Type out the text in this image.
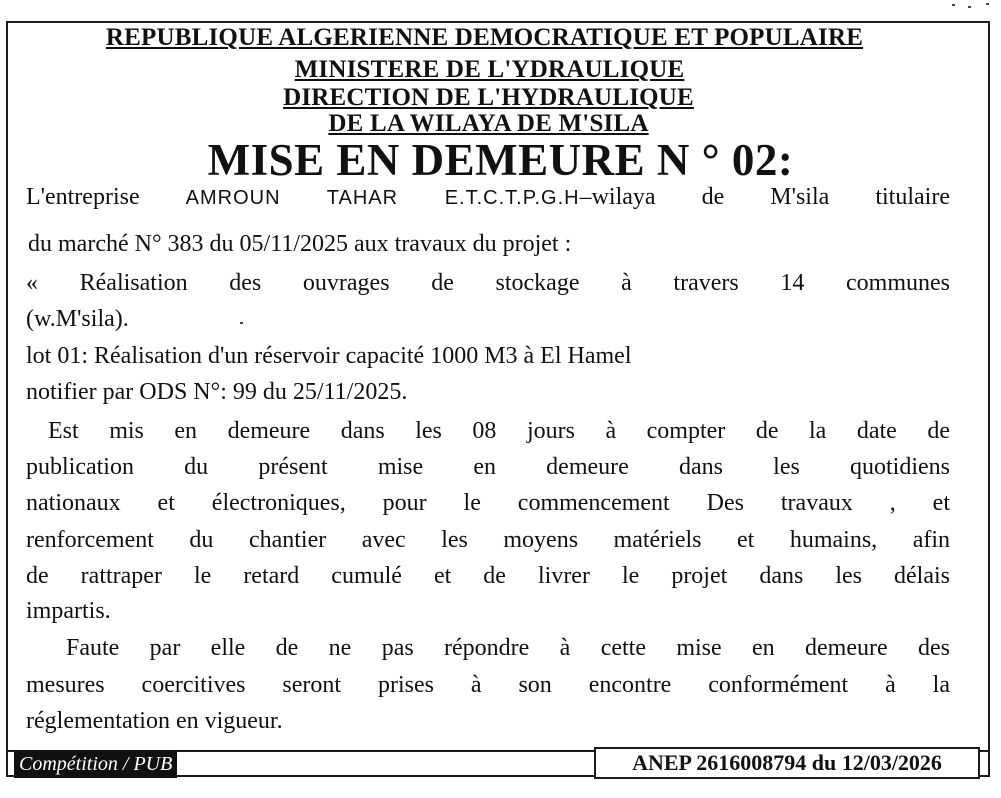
REPUBLIQUE ALGERIENNE DEMOCRATIQUE ET POPULAIRE
MINISTERE DE L'YDRAULIQUE
DIRECTION DE L'HYDRAULIQUE
DE LA WILAYA DE M'SILA
MISE EN DEMEURE N ° 02:
L'entreprise AMROUN TAHAR E.T.C.T.P.G.H–wilaya de M'sila titulaire
du marché N° 383 du 05/11/2025 aux travaux du projet :
« Réalisation des ouvrages de stockage à travers 14 communes
(w.M'sila).
lot 01: Réalisation d'un réservoir capacité 1000 M3 à El Hamel
notifier par ODS N°: 99 du 25/11/2025.
Est mis en demeure dans les 08 jours à compter de la date de
publication du présent mise en demeure dans les quotidiens
nationaux et électroniques, pour le commencement Des travaux , et
renforcement du chantier avec les moyens matériels et humains, afin
de rattraper le retard cumulé et de livrer le projet dans les délais
impartis.
Faute par elle de ne pas répondre à cette mise en demeure des
mesures coercitives seront prises à son encontre conformément à la
réglementation en vigueur.
Compétition / PUB	ANEP 2616008794 du 12/03/2026
